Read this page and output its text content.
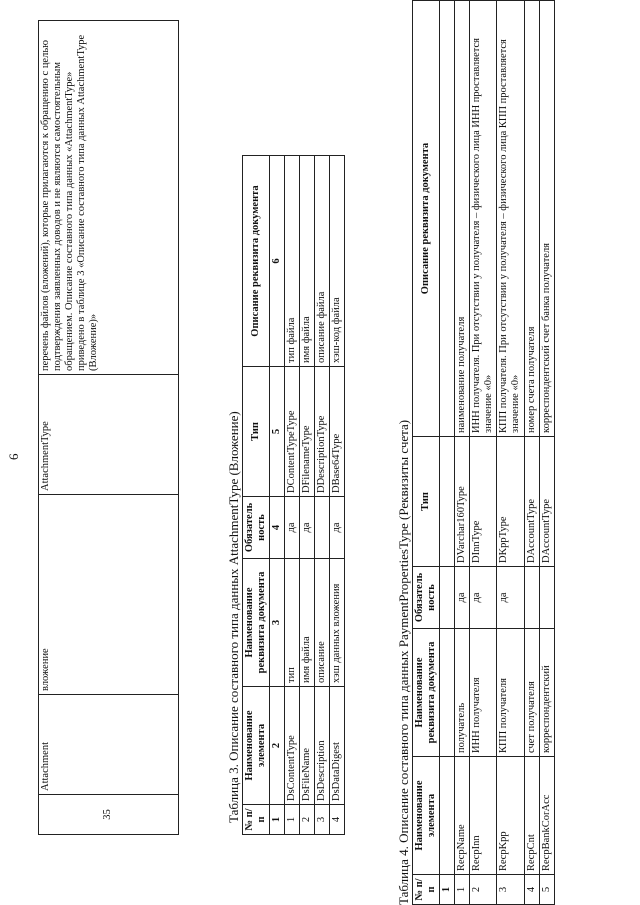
6
35	Attachment	вложение	AttachmentType	перечень файлов (вложений), которые прилагаются к обращению с целью подтверждения заявленных доводов и не являются самостоятельным обращением. Описание составного типа данных «AttachmentType» приведено в таблице 3 «Описание составного типа данных AttachmentType (Вложение)»
Таблица 3. Описание составного типа данных AttachmentType (Вложение) № п/п	Наименование элемента	Наименование реквизита документа	Обязатель ность	Тип	Описание реквизита документа
1	2	3	4	5	6
1	DsContentType	тип	да	DContentTypeType	тип файла
2	DsFileName	имя файла	да	DFilenameType	имя файла
3	DsDescription	описание		DDescriptionType	описание файла
4	DsDataDigest	хэш данных вложения	да	DBase64Type	хэш-код файла
Таблица 4. Описание составного типа данных PaymentPropertiesType (Реквизиты счета) № п/п	Наименование элемента	Наименование реквизита документа	Обязатель ность	Тип	Описание реквизита документа
1					
1	RecpName	получатель	да	DVarchar160Type	наименование получателя
2	RecpInn	ИНН получателя	да	DInnType	ИНН получателя. При отсутствии у получателя – физического лица ИНН проставляется значение «0»
3	RecpKpp	КПП получателя	да	DKppType	КПП получателя. При отсутствии у получателя – физического лица КПП проставляется значение «0»
4	RecpCnt	счет получателя		DAccountType	номер счета получателя
5	RecpBankCorAcc	корреспондентский		DAccountType	корреспондентский счет банка получателя
